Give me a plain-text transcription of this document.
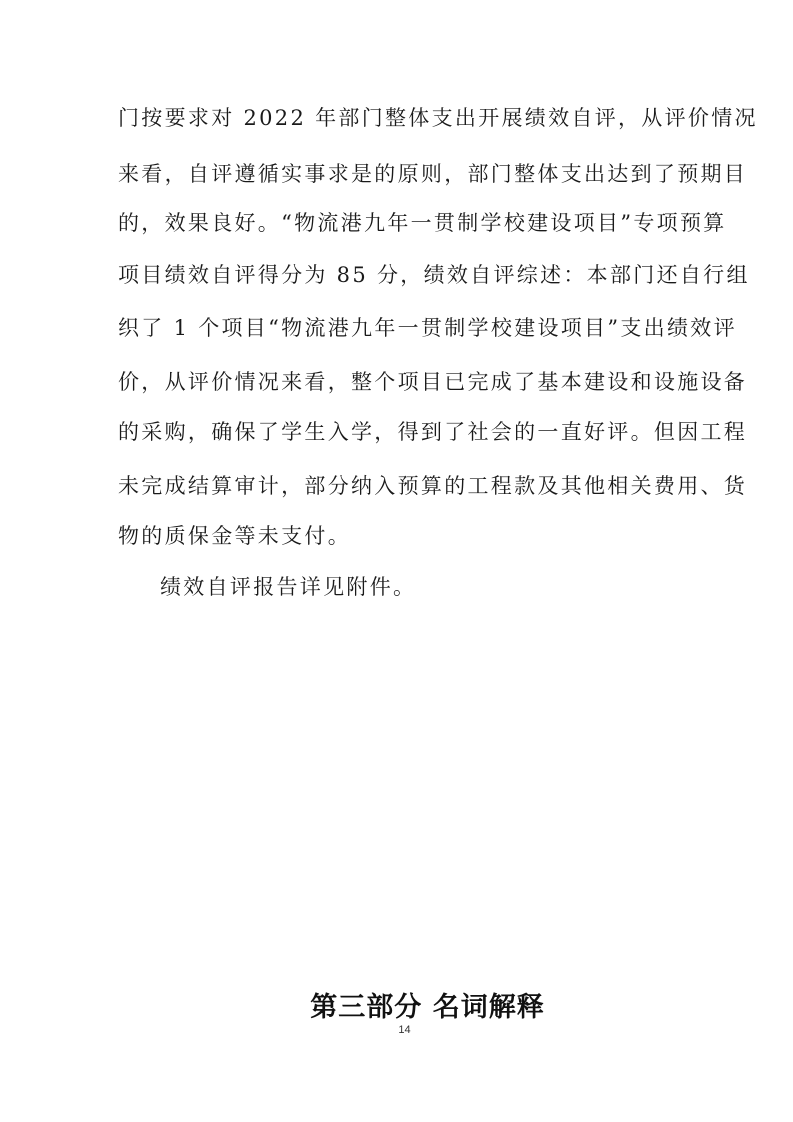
门按要求对 2022 年部门整体支出开展绩效自评，从评价情况
来看，自评遵循实事求是的原则，部门整体支出达到了预期目
的，效果良好。“物流港九年一贯制学校建设项目”专项预算
项目绩效自评得分为 85 分，绩效自评综述：本部门还自行组
织了 1 个项目“物流港九年一贯制学校建设项目”支出绩效评
价，从评价情况来看，整个项目已完成了基本建设和设施设备
的采购，确保了学生入学，得到了社会的一直好评。但因工程
未完成结算审计，部分纳入预算的工程款及其他相关费用、货
物的质保金等未支付。
绩效自评报告详见附件。
第三部分 名词解释
14
